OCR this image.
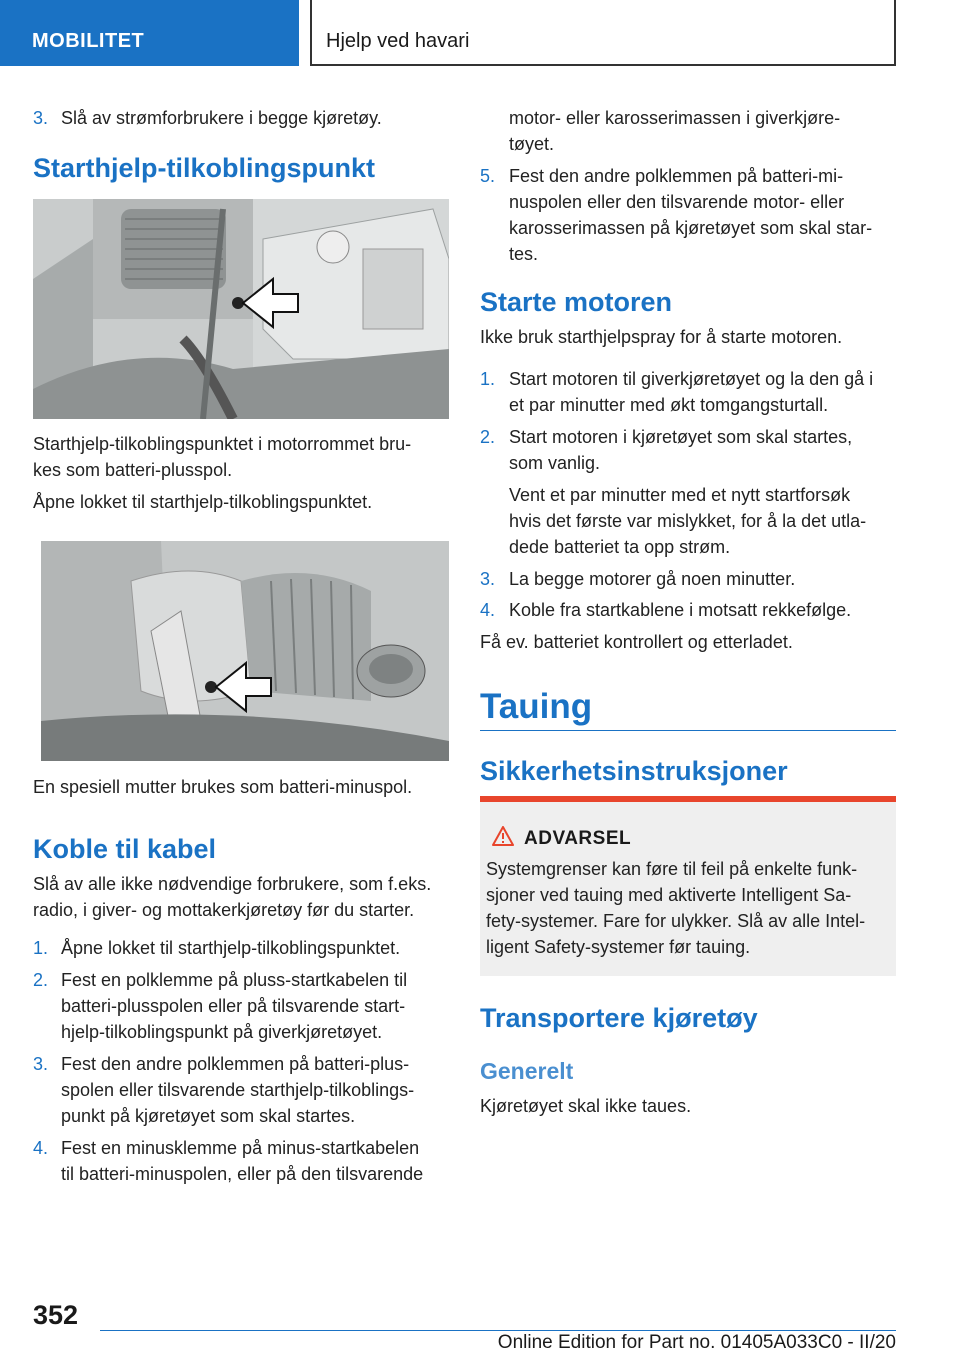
MOBILITET	Hjelp ved havari
3. Slå av strømforbrukere i begge kjøretøy.
Starthjelp-tilkoblingspunkt
Starthjelp-tilkoblingspunktet i motorrommet bru‐
kes som batteri-plusspol.
Åpne lokket til starthjelp-tilkoblingspunktet.
En spesiell mutter brukes som batteri-minuspol.
Koble til kabel
Slå av alle ikke nødvendige forbrukere, som f.eks.
radio, i giver- og mottakerkjøretøy før du starter.
1. Åpne lokket til starthjelp-tilkoblingspunktet.
2. Fest en polklemme på pluss-startkabelen til
batteri-plusspolen eller på tilsvarende start‐
hjelp-tilkoblingspunkt på giverkjøretøyet.
3. Fest den andre polklemmen på batteri-plus‐
spolen eller tilsvarende starthjelp-tilkoblings‐
punkt på kjøretøyet som skal startes.
4. Fest en minusklemme på minus-startkabelen
til batteri-minuspolen, eller på den tilsvarende
motor- eller karosserimassen i giverkjøre‐
tøyet.
5. Fest den andre polklemmen på batteri-mi‐
nuspolen eller den tilsvarende motor- eller
karosserimassen på kjøretøyet som skal star‐
tes.
Starte motoren
Ikke bruk starthjelpspray for å starte motoren.
1. Start motoren til giverkjøretøyet og la den gå i
et par minutter med økt tomgangsturtall.
2. Start motoren i kjøretøyet som skal startes,
som vanlig.
Vent et par minutter med et nytt startforsøk
hvis det første var mislykket, for å la det utla‐
dede batteriet ta opp strøm.
3. La begge motorer gå noen minutter.
4. Koble fra startkablene i motsatt rekkefølge.
Få ev. batteriet kontrollert og etterladet.
Tauing
Sikkerhetsinstruksjoner
ADVARSEL
Systemgrenser kan føre til feil på enkelte funk‐
sjoner ved tauing med aktiverte Intelligent Sa‐
fety-systemer. Fare for ulykker. Slå av alle Intel‐
ligent Safety-systemer før tauing.
Transportere kjøretøy
Generelt
Kjøretøyet skal ikke taues.
352
Online Edition for Part no. 01405A033C0 - II/20
